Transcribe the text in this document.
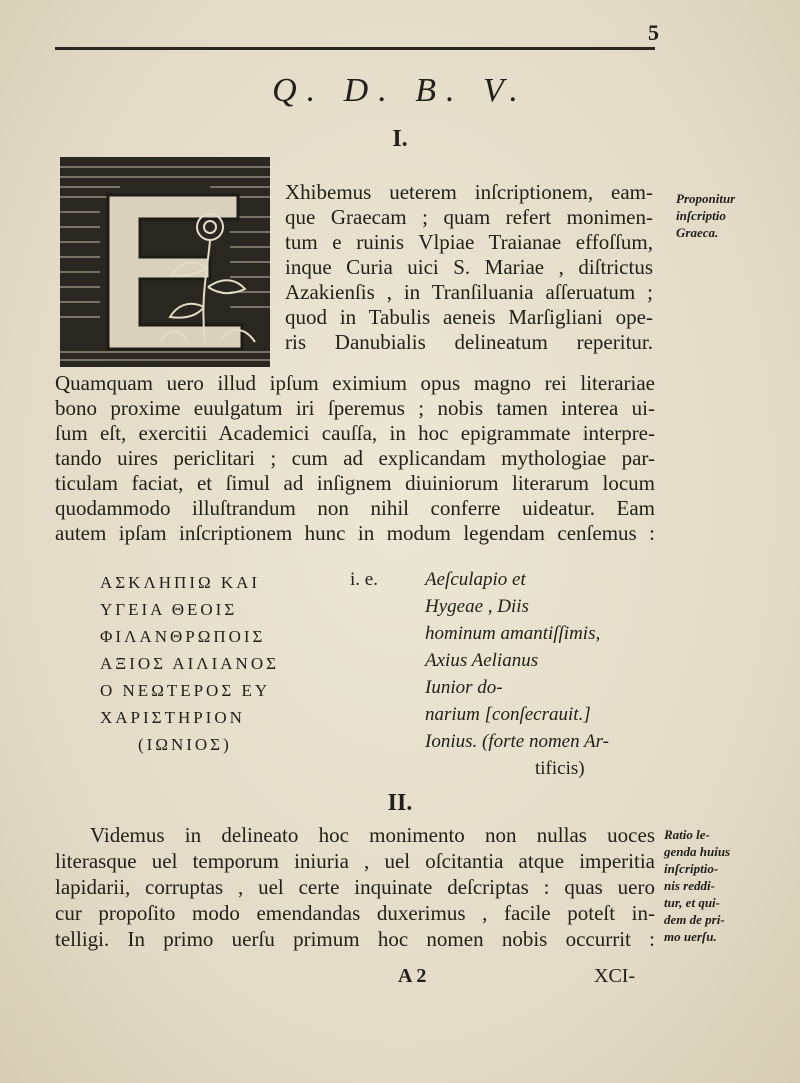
5
Q. D. B. V.
I.
Xhibemus ueterem inſcriptionem, eam-
que Graecam ; quam refert monimen-
tum e ruinis Vlpiae Traianae effoſſum,
inque Curia uici S. Mariae , diſtrictus
Azakienſis , in Tranſiluania aſſeruatum ;
quod in Tabulis aeneis Marſigliani ope-
ris Danubialis delineatum reperitur.
Quamquam uero illud ipſum eximium opus magno rei literariae
bono proxime euulgatum iri ſperemus ; nobis tamen interea ui-
ſum eſt, exercitii Academici cauſſa, in hoc epigrammate interpre-
tando uires periclitari ; cum ad explicandam mythologiae par-
ticulam faciat, et ſimul ad inſignem diuiniorum literarum locum
quodammodo illuſtrandum non nihil conferre uideatur. Eam
autem ipſam inſcriptionem hunc in modum legendam cenſemus :
Proponitur
inſcriptio
Graeca.
ΑΣΚΛΗΠΙΩ ΚΑΙ
ΥΓΕΙΑ ΘΕΟΙΣ
ΦΙΛΑΝΘΡΩΠΟΙΣ
ΑΞΙΟΣ ΑΙΛΙΑΝΟΣ
Ο ΝΕΩΤΕΡΟΣ ΕΥ
ΧΑΡΙΣΤΗΡΙΟΝ
(ΙΩΝΙΟΣ)
i. e. Aeſculapio et
Hygeae , Diis
hominum amantiſſimis,
Axius Aelianus
Iunior do-
narium [conſecrauit.]
Ionius. (forte nomen Ar-
tificis)
II.
Videmus in delineato hoc monimento non nullas uoces
literasque uel temporum iniuria , uel oſcitantia atque imperitia
lapidarii, corruptas , uel certe inquinate deſcriptas : quas uero
cur propoſito modo emendandas duxerimus , facile poteſt in-
telligi. In primo uerſu primum hoc nomen nobis occurrit :
Ratio le-
genda huius
inſcriptio-
nis reddi-
tur, et qui-
dem de pri-
mo uerſu.
A 2	XCI-
